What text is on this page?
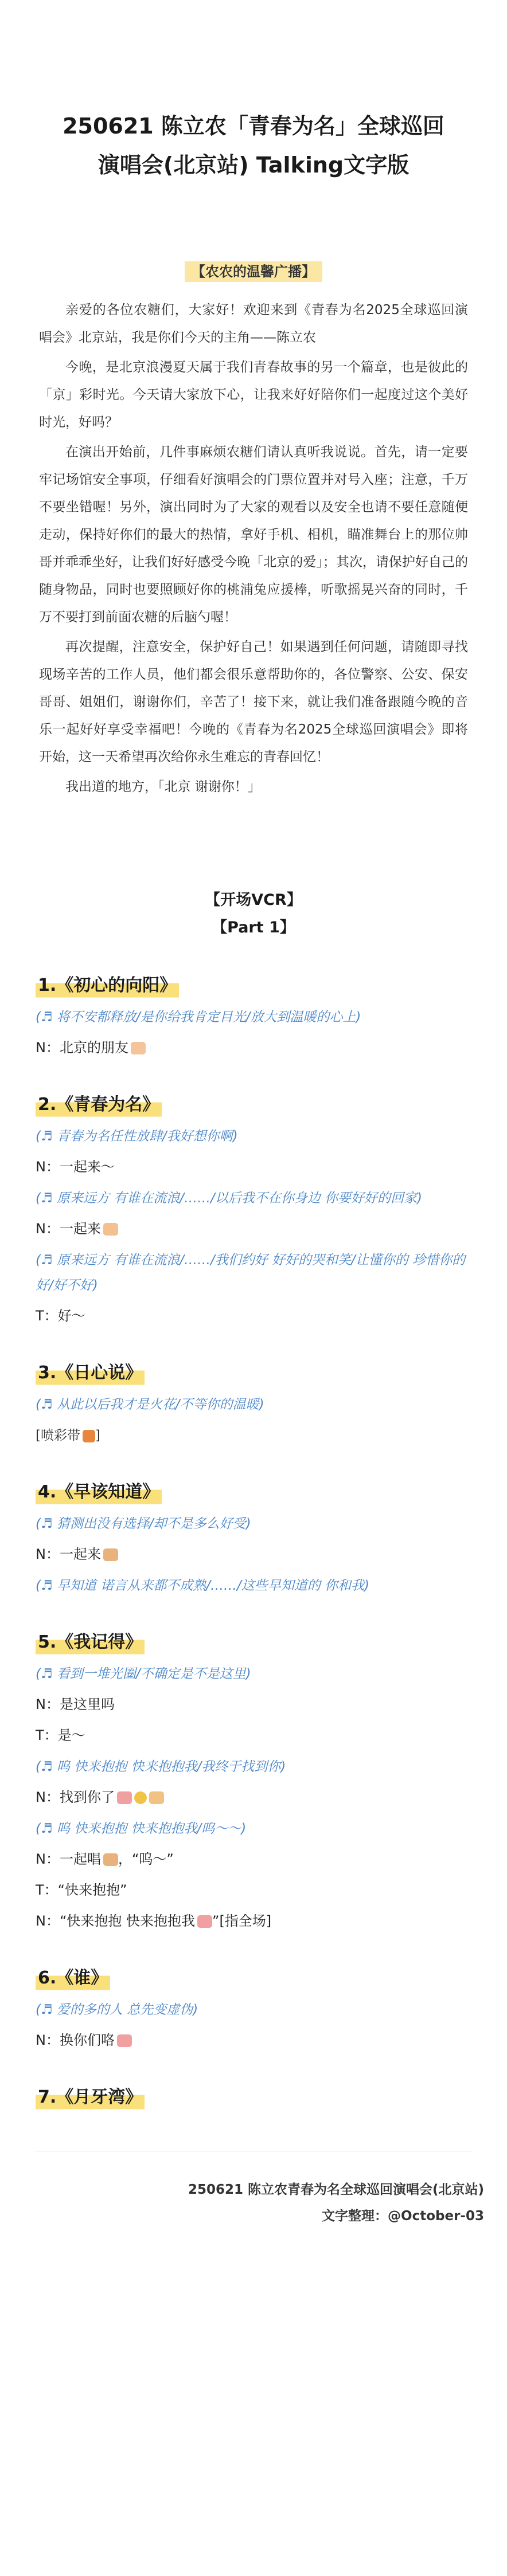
250621 陈立农「青春为名」全球巡回
演唱会(北京站) Talking文字版
【农农的温馨广播】

亲爱的各位农糖们，大家好！欢迎来到《青春为名2025全球巡回演唱会》北京站，我是你们今天的主角——陈立农

今晚，是北京浪漫夏天属于我们青春故事的另一个篇章，也是彼此的「京」彩时光。今天请大家放下心，让我来好好陪你们一起度过这个美好时光，好吗？

在演出开始前，几件事麻烦农糖们请认真听我说说。首先，请一定要牢记场馆安全事项，仔细看好演唱会的门票位置并对号入座；注意，千万不要坐错喔！另外，演出同时为了大家的观看以及安全也请不要任意随便走动，保持好你们的最大的热情，拿好手机、相机，瞄准舞台上的那位帅哥并乖乖坐好，让我们好好感受今晚「北京的爱」；其次，请保护好自己的随身物品，同时也要照顾好你的桃浦兔应援棒，听歌摇晃兴奋的同时，千万不要打到前面农糖的后脑勺喔！

再次提醒，注意安全，保护好自己！如果遇到任何问题，请随即寻找现场辛苦的工作人员，他们都会很乐意帮助你的，各位警察、公安、保安哥哥、姐姐们，谢谢你们，辛苦了！接下来，就让我们准备跟随今晚的音乐一起好好享受幸福吧！今晚的《青春为名2025全球巡回演唱会》即将开始，这一天希望再次给你永生难忘的青春回忆！

我出道的地方，「北京 谢谢你！」

【开场VCR】
【Part 1】
1.《初心的向阳》
(♬ 将不安都释放/是你给我肯定目光/放大到温暖的心上)
N：北京的朋友
2.《青春为名》
(♬ 青春为名任性放肆/我好想你啊)
N：一起来～
(♬ 原来远方 有谁在流浪/……/以后我不在你身边 你要好好的回家)
N：一起来
(♬ 原来远方 有谁在流浪/……/我们约好 好好的哭和笑/让懂你的 珍惜你的好/好不好)
T：好～
3.《日心说》
(♬ 从此以后我才是火花/不等你的温暖)
[喷彩带 ]
4.《早该知道》
(♬ 猜测出没有选择/却不是多么好受)
N：一起来
(♬ 早知道 诺言从来都不成熟/……/这些早知道的 你和我)
5.《我记得》
(♬ 看到一堆光圈/不确定是不是这里)
N：是这里吗
T：是～
(♬ 呜 快来抱抱 快来抱抱我/我终于找到你)
N：找到你了
(♬ 呜 快来抱抱 快来抱抱我/呜～～)
N：一起唱 ，“呜～”
T：“快来抱抱”
N：“快来抱抱 快来抱抱我 ”[指全场]
6.《谁》
(♬ 爱的多的人 总先变虚伪)
N：换你们咯
7.《月牙湾》
250621 陈立农青春为名全球巡回演唱会(北京站)
文字整理：@October-03
